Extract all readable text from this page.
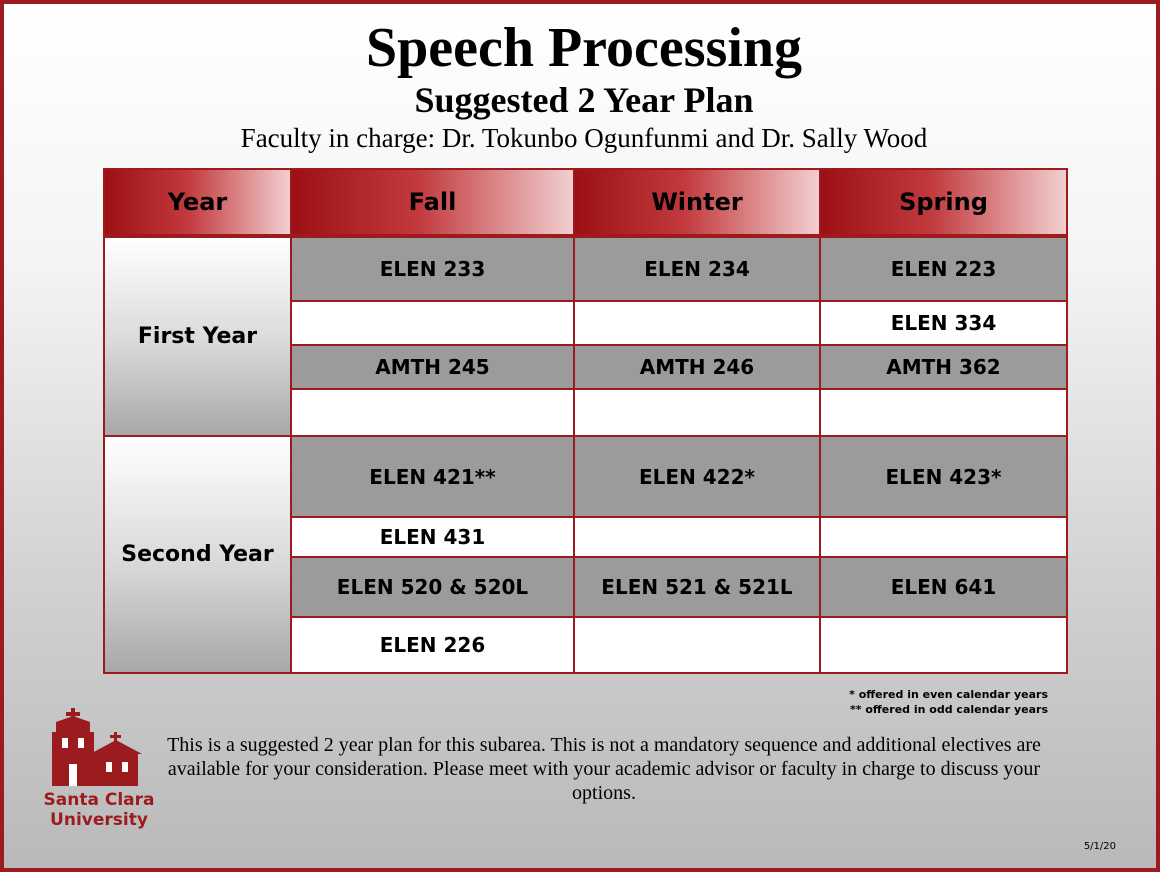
Speech Processing
Suggested 2 Year Plan
Faculty in charge: Dr. Tokunbo Ogunfunmi and Dr. Sally Wood
Year	Fall	Winter	Spring
First Year	ELEN 233	ELEN 234	ELEN 223
			ELEN 334
	AMTH 245	AMTH 246	AMTH 362

Second Year	ELEN 421**	ELEN 422*	ELEN 423*
	ELEN 431		
	ELEN 520 & 520L	ELEN 521 & 521L	ELEN 641
	ELEN 226		
* offered in even calendar years
** offered in odd calendar years
Santa Clara
University
This is a suggested 2 year plan for this subarea. This is not a mandatory sequence and additional electives are available for your consideration. Please meet with your academic advisor or faculty in charge to discuss your options.
5/1/20
